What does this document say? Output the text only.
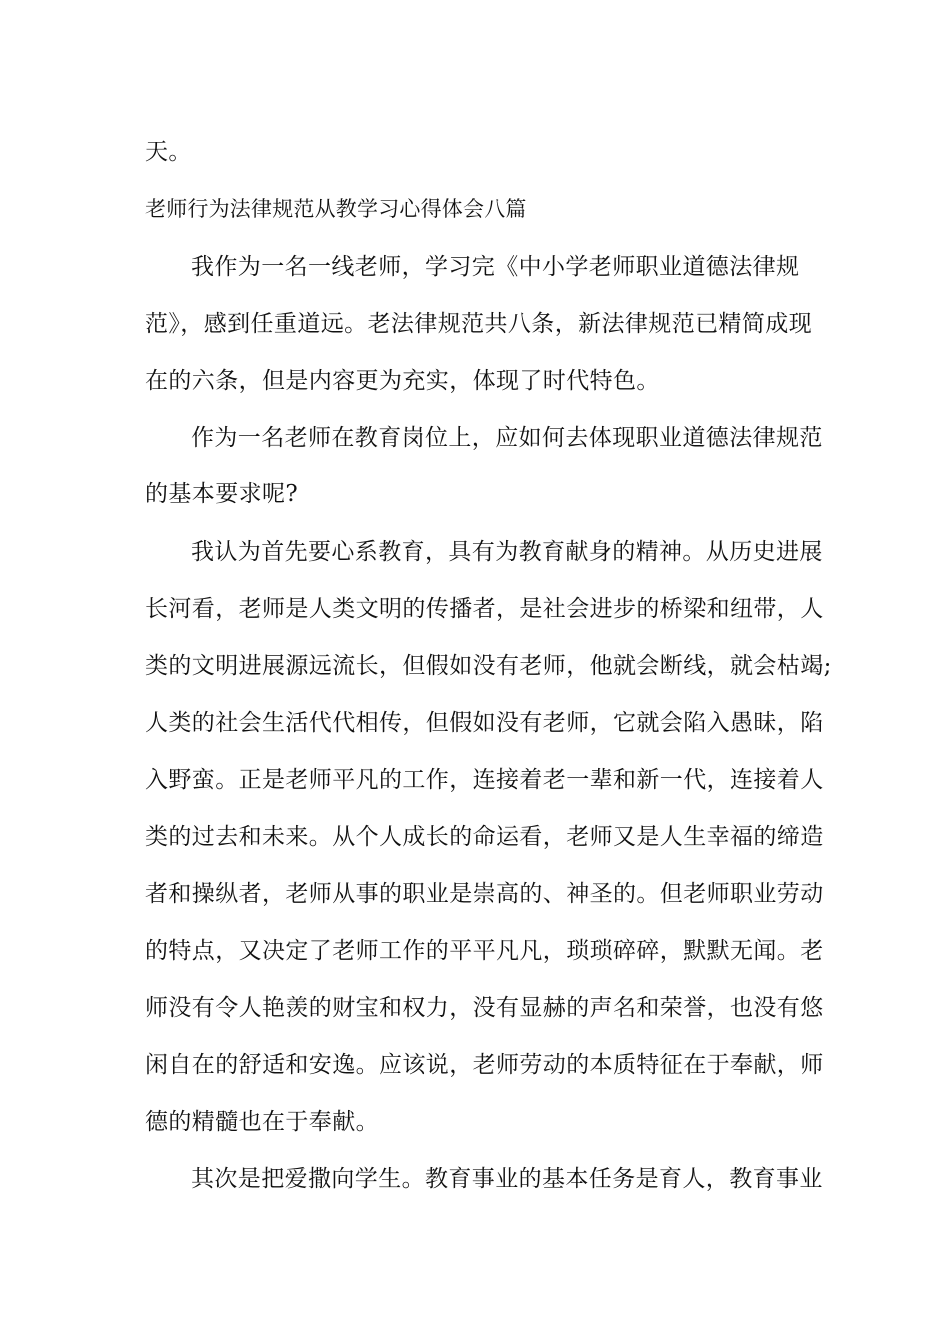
天。
老师行为法律规范从教学习心得体会八篇
我作为一名一线老师，学习完《中小学老师职业道德法律规
范》，感到任重道远。老法律规范共八条，新法律规范已精简成现
在的六条，但是内容更为充实，体现了时代特色。
作为一名老师在教育岗位上，应如何去体现职业道德法律规范
的基本要求呢?
我认为首先要心系教育，具有为教育献身的精神。从历史进展
长河看，老师是人类文明的传播者，是社会进步的桥梁和纽带，人
类的文明进展源远流长，但假如没有老师，他就会断线，就会枯竭;
人类的社会生活代代相传，但假如没有老师，它就会陷入愚昧，陷
入野蛮。正是老师平凡的工作，连接着老一辈和新一代，连接着人
类的过去和未来。从个人成长的命运看，老师又是人生幸福的缔造
者和操纵者，老师从事的职业是崇高的、神圣的。但老师职业劳动
的特点，又决定了老师工作的平平凡凡，琐琐碎碎，默默无闻。老
师没有令人艳羡的财宝和权力，没有显赫的声名和荣誉，也没有悠
闲自在的舒适和安逸。应该说，老师劳动的本质特征在于奉献，师
德的精髓也在于奉献。
其次是把爱撒向学生。教育事业的基本任务是育人，教育事业
